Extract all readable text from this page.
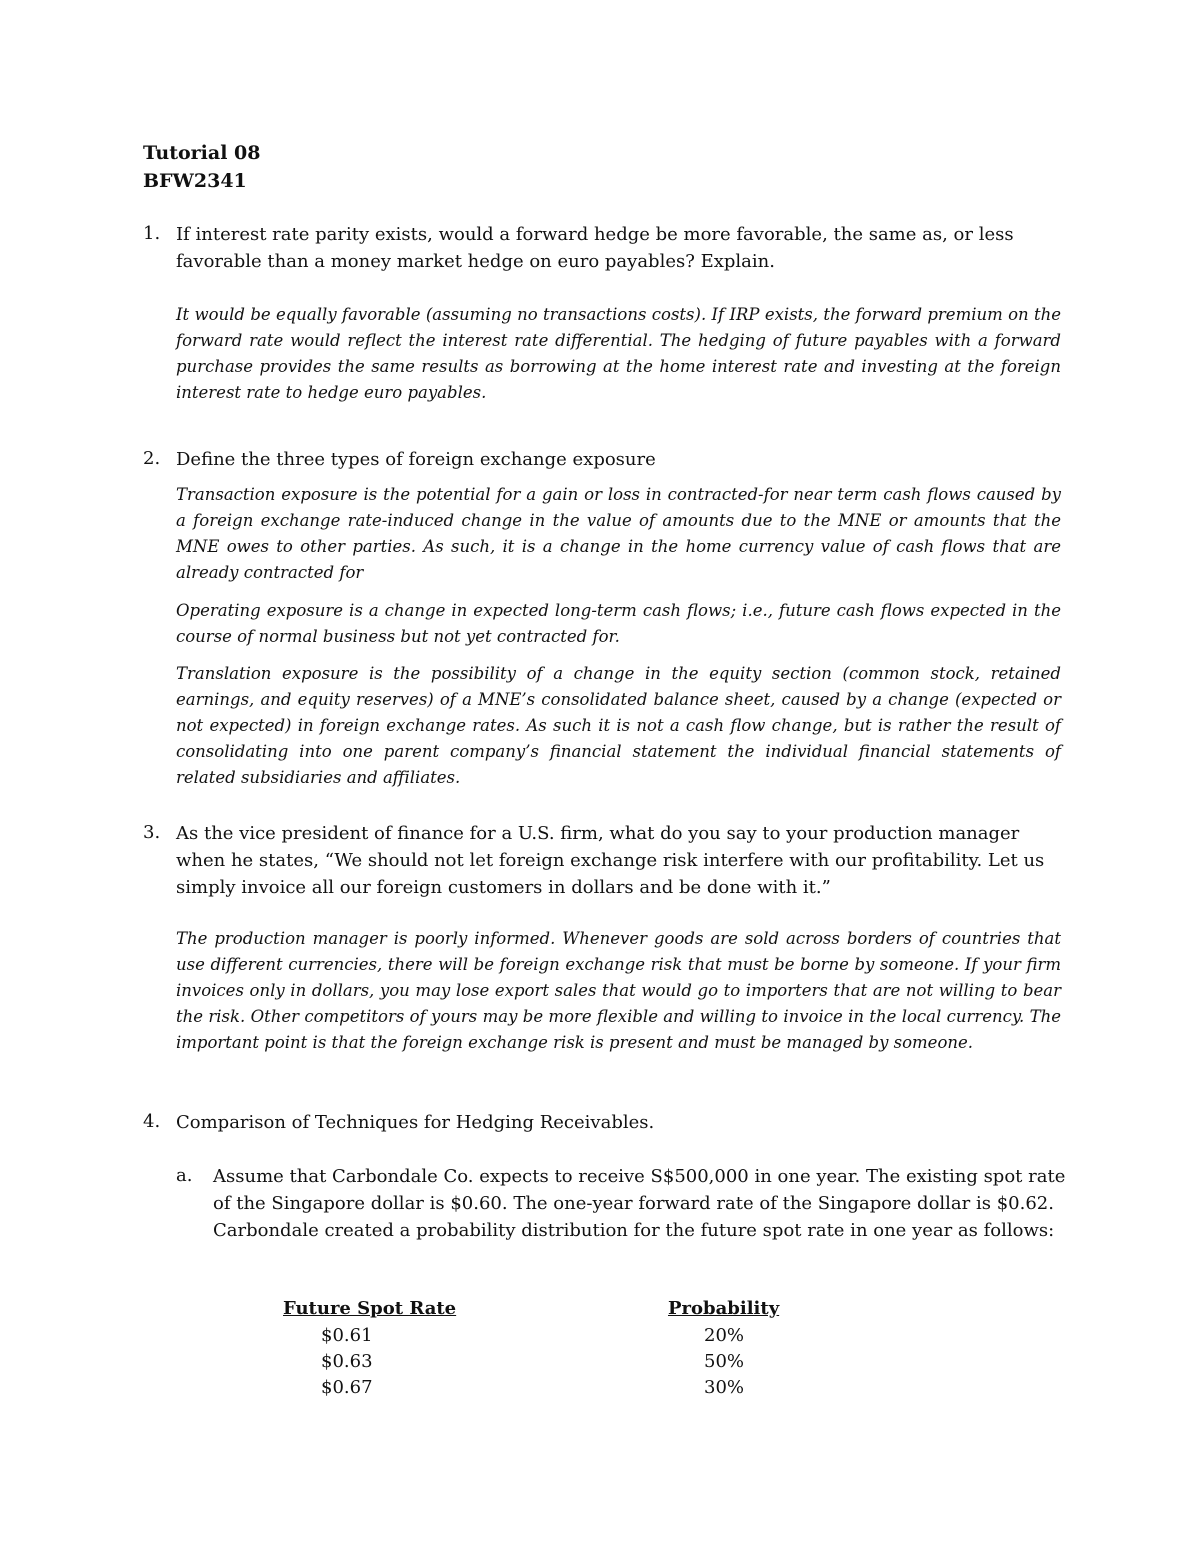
Tutorial 08
BFW2341
1. If interest rate parity exists, would a forward hedge be more favorable, the same as, or less favorable than a money market hedge on euro payables? Explain.
It would be equally favorable (assuming no transactions costs). If IRP exists, the forward premium on the forward rate would reflect the interest rate differential. The hedging of future payables with a forward purchase provides the same results as borrowing at the home interest rate and investing at the foreign interest rate to hedge euro payables.
2. Define the three types of foreign exchange exposure
Transaction exposure is the potential for a gain or loss in contracted-for near term cash flows caused by a foreign exchange rate-induced change in the value of amounts due to the MNE or amounts that the MNE owes to other parties. As such, it is a change in the home currency value of cash flows that are already contracted for
Operating exposure is a change in expected long-term cash flows; i.e., future cash flows expected in the course of normal business but not yet contracted for.
Translation exposure is the possibility of a change in the equity section (common stock, retained earnings, and equity reserves) of a MNE’s consolidated balance sheet, caused by a change (expected or not expected) in foreign exchange rates. As such it is not a cash flow change, but is rather the result of consolidating into one parent company’s financial statement the individual financial statements of related subsidiaries and affiliates.
3. As the vice president of finance for a U.S. firm, what do you say to your production manager when he states, “We should not let foreign exchange risk interfere with our profitability. Let us simply invoice all our foreign customers in dollars and be done with it.”
The production manager is poorly informed. Whenever goods are sold across borders of countries that use different currencies, there will be foreign exchange risk that must be borne by someone. If your firm invoices only in dollars, you may lose export sales that would go to importers that are not willing to bear the risk. Other competitors of yours may be more flexible and willing to invoice in the local currency. The important point is that the foreign exchange risk is present and must be managed by someone.
4. Comparison of Techniques for Hedging Receivables.
a. Assume that Carbondale Co. expects to receive S$500,000 in one year. The existing spot rate of the Singapore dollar is $0.60. The one-year forward rate of the Singapore dollar is $0.62. Carbondale created a probability distribution for the future spot rate in one year as follows:
Future Spot Rate	Probability
$0.61	20%
$0.63	50%
$0.67	30%
